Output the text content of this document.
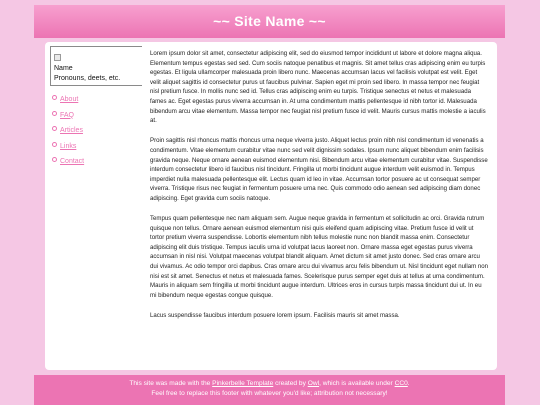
~~ Site Name ~~

Name
Pronouns, deets, etc.
About
FAQ
Articles
Links
Contact

Lorem ipsum dolor sit amet, consectetur adipiscing elit, sed do eiusmod tempor incididunt ut labore et dolore magna aliqua. Elementum tempus egestas sed sed. Cum sociis natoque penatibus et magnis. Sit amet tellus cras adipiscing enim eu turpis egestas. Et ligula ullamcorper malesuada proin libero nunc. Maecenas accumsan lacus vel facilisis volutpat est velit. Eget velit aliquet sagittis id consectetur purus ut faucibus pulvinar. Sapien eget mi proin sed libero. In massa tempor nec feugiat nisl pretium fusce. In mollis nunc sed id. Tellus cras adipiscing enim eu turpis. Tristique senectus et netus et malesuada fames ac. Eget egestas purus viverra accumsan in. At urna condimentum mattis pellentesque id nibh tortor id. Malesuada bibendum arcu vitae elementum. Massa tempor nec feugiat nisl pretium fusce id velit. Mauris cursus mattis molestie a iaculis at.

Proin sagittis nisl rhoncus mattis rhoncus urna neque viverra justo. Aliquet lectus proin nibh nisl condimentum id venenatis a condimentum. Vitae elementum curabitur vitae nunc sed velit dignissim sodales. Ipsum nunc aliquet bibendum enim facilisis gravida neque. Neque ornare aenean euismod elementum nisi. Bibendum arcu vitae elementum curabitur vitae. Suspendisse interdum consectetur libero id faucibus nisl tincidunt. Fringilla ut morbi tincidunt augue interdum velit euismod in. Tempus imperdiet nulla malesuada pellentesque elit. Lectus quam id leo in vitae. Accumsan tortor posuere ac ut consequat semper viverra. Tristique risus nec feugiat in fermentum posuere urna nec. Quis commodo odio aenean sed adipiscing diam donec adipiscing. Eget gravida cum sociis natoque.

Tempus quam pellentesque nec nam aliquam sem. Augue neque gravida in fermentum et sollicitudin ac orci. Gravida rutrum quisque non tellus. Ornare aenean euismod elementum nisi quis eleifend quam adipiscing vitae. Pretium fusce id velit ut tortor pretium viverra suspendisse. Lobortis elementum nibh tellus molestie nunc non blandit massa enim. Consectetur adipiscing elit duis tristique. Tempus iaculis urna id volutpat lacus laoreet non. Ornare massa eget egestas purus viverra accumsan in nisl nisi. Volutpat maecenas volutpat blandit aliquam. Amet dictum sit amet justo donec. Sed cras ornare arcu dui vivamus. Ac odio tempor orci dapibus. Cras ornare arcu dui vivamus arcu felis bibendum ut. Nisl tincidunt eget nullam non nisi est sit amet. Senectus et netus et malesuada fames. Scelerisque purus semper eget duis at tellus at urna condimentum. Mauris in aliquam sem fringilla ut morbi tincidunt augue interdum. Ultrices eros in cursus turpis massa tincidunt dui ut. In eu mi bibendum neque egestas congue quisque.

Lacus suspendisse faucibus interdum posuere lorem ipsum. Facilisis mauris sit amet massa.

This site was made with the Pinkerbelle Template created by Owl, which is available under CC0.
Feel free to replace this footer with whatever you'd like; attribution not necessary!
